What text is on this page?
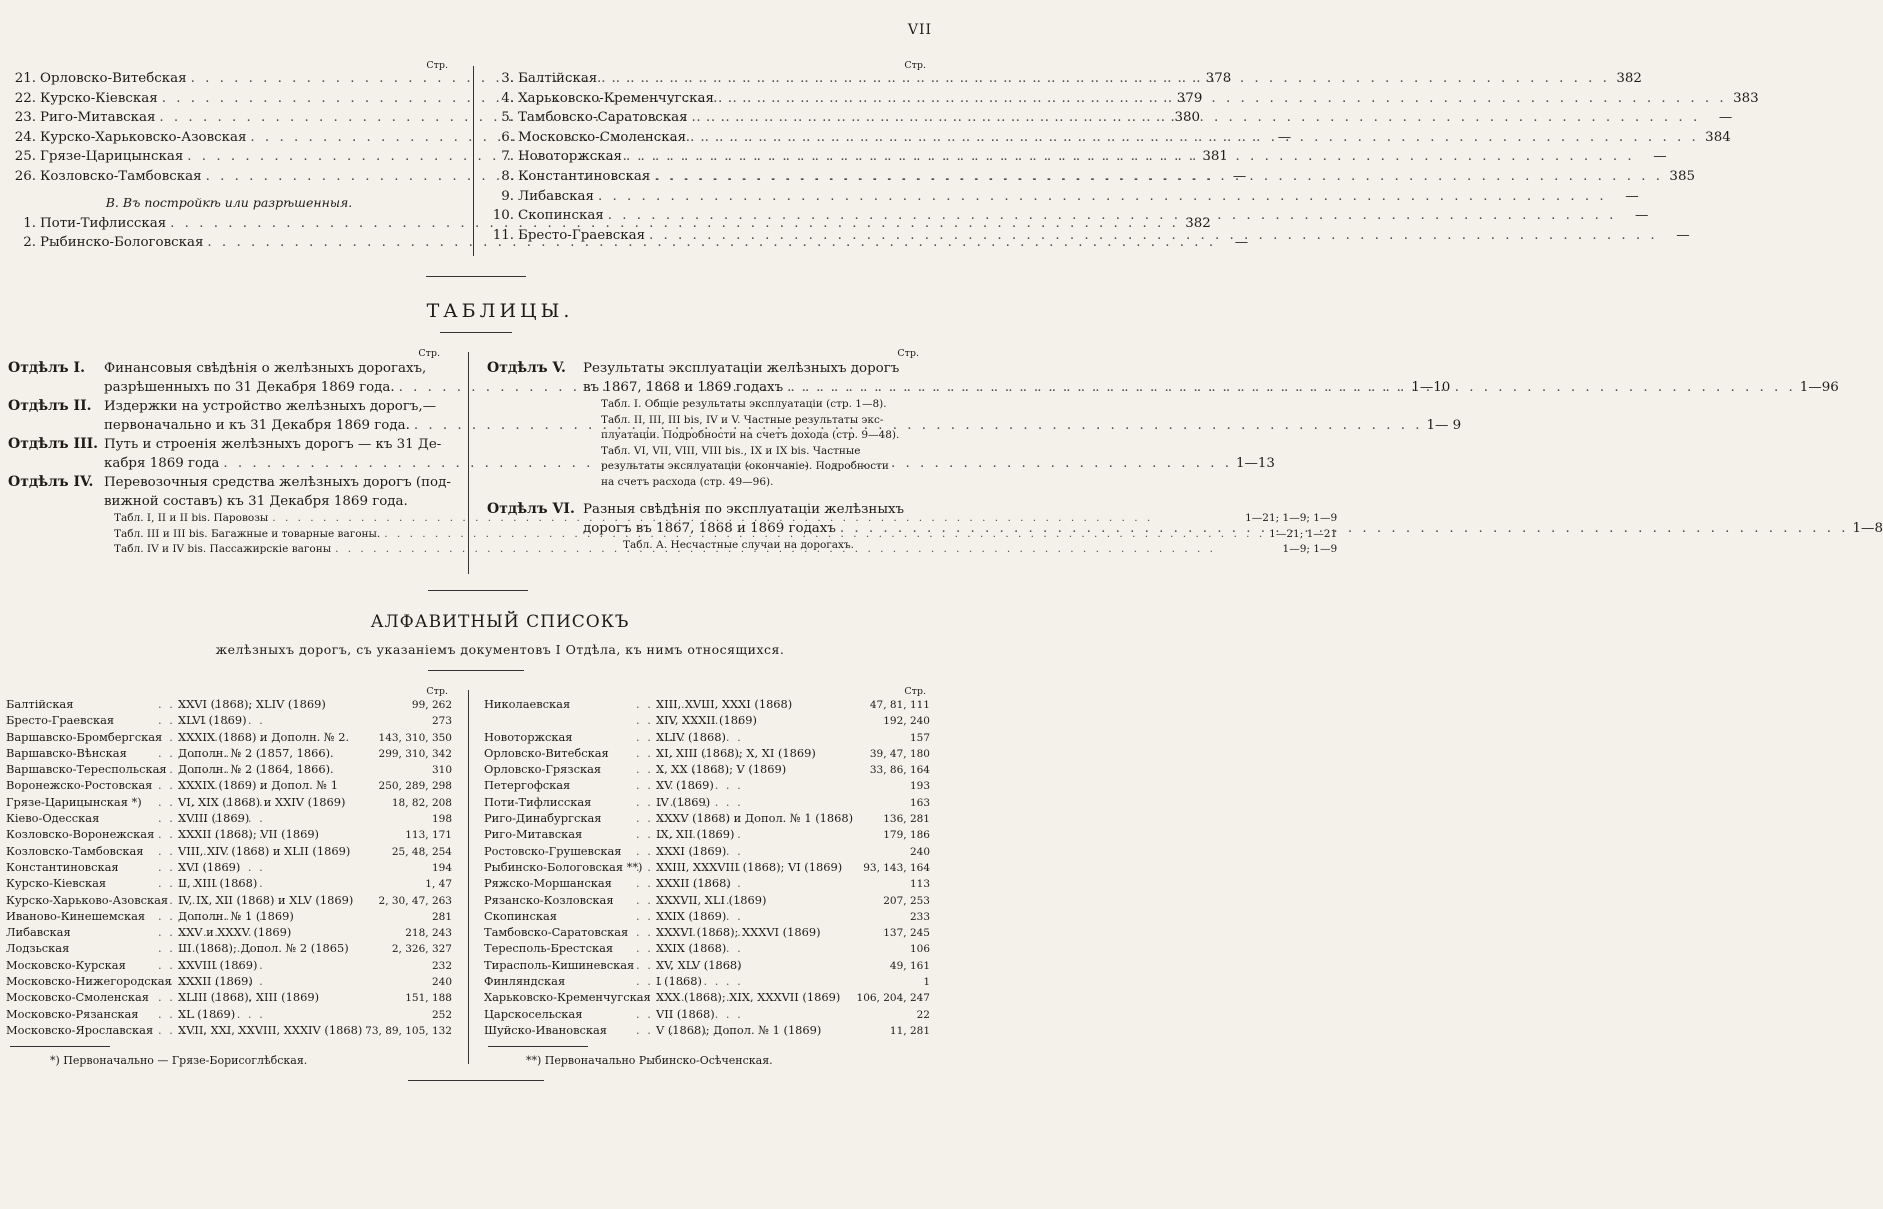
VII
Стр.
21. Орловско-Витебская . . .	378
22. Курско-Кіевская . . .	379
23. Риго-Митавская . . .	380
24. Курско-Харьковско-Азовская . . .	—
25. Грязе-Царицынская . . .	381
26. Козловско-Тамбовская . . .	—
В. Въ постройкѣ или разрѣшенныя.
1. Поти-Тифлисская . . .	382
2. Рыбинско-Бологовская . . .	—
Стр.
3. Балтійская . . .	382
4. Харьковско-Кременчугская . . .	383
5. Тамбовско-Саратовская . . .	—
6. Московско-Смоленская . . .	384
7. Новоторжская . . .	—
8. Константиновская . . .	385
9. Либавская . . .	—
10. Скопинская . . .	—
11. Бресто-Граевская . . .	—
ТАБЛИЦЫ.
Стр.
Отдѣлъ I.	Финансовыя свѣдѣнія о желѣзныхъ дорогахъ,
разрѣшенныхъ по 31 Декабря 1869 года. . . .	1—10
Отдѣлъ II. Издержки на устройство желѣзныхъ дорогъ,—
первоначально и къ 31 Декабря 1869 года. . . .	1— 9
Отдѣлъ III. Путь и строенія желѣзныхъ дорогъ — къ 31 Де-
кабря 1869 года . . .	1—13
Отдѣлъ IV. Перевозочныя средства желѣзныхъ дорогъ (под-
вижной составъ) къ 31 Декабря 1869 года.
Табл. I, II и II bis. Паровозы . . .	1—21; 1—9; 1—9
Табл. III и III bis. Багажные и товарные вагоны. . . .	1—21; 1—21
Табл. IV и IV bis. Пассажирскіе вагоны . . .	1—9; 1—9
Стр.
Отдѣлъ V.	Результаты эксплуатаціи желѣзныхъ дорогъ
въ 1867, 1868 и 1869 годахъ . . .	1—96
Табл. I. Общіе результаты эксплуатаціи (стр. 1—8).
Табл. II, III, III bis, IV и V. Частные результаты экс-
плуатаціи. Подробности на счетъ дохода (стр. 9—48).
Табл. VI, VII, VIII, VIII bis., IX и IX bis. Частные
результаты эксплуатаціи (окончаніе). Подробности
на счетъ расхода (стр. 49—96).
Отдѣлъ VI. Разныя свѣдѣнія по эксплуатаціи желѣзныхъ
дорогъ въ 1867, 1868 и 1869 годахъ . . .	1—8
Табл. А. Несчастные случаи на дорогахъ.
АЛФАВИТНЫЙ СПИСОКЪ
желѣзныхъ дорогъ, съ указаніемъ документовъ I Отдѣла, къ нимъ относящихся.
Стр.
Балтійская . . .	XXVI (1868); XLIV (1869)	99, 262
Бресто-Граевская . . .	XLVI (1869)	273
Варшавско-Бромбергская . . . XXXIX (1868) и Дополн. № 2.	143, 310, 350
Варшавско-Вѣнская . . .	Дополн. № 2 (1857, 1866).	299, 310, 342
Варшавско-Тереспольская . . . Дополн. № 2 (1864, 1866).	310
Воронежско-Ростовская . . .	XXXIX (1869) и Допол. № 1	250, 289, 298
Грязе-Царицынская *) . . .	VI, XIX (1868) и XXIV (1869)	18, 82, 208
Кіево-Одесская . . .	XVIII (1869)	198
Козловско-Воронежская . . .	XXXII (1868); VII (1869)	113, 171
Козловско-Тамбовская . . .	VIII, XIV (1868) и XLII (1869)	25, 48, 254
Константиновская . . .	XVI (1869)	194
Курско-Кіевская . . .	II, XIII (1868)	1, 47
Курско-Харьково-Азовская . . . IV, IX, XII (1868) и XLV (1869)	2, 30, 47, 263
Иваново-Кинешемская . . .	Дополн. № 1 (1869)	281
Либавская . . .	XXV и XXXV (1869)	218, 243
Лодзьская . . .	III (1868); Допол. № 2 (1865)	2, 326, 327
Московско-Курская . . .	XXVIII (1869)	232
Московско-Нижегородская . . . XXXII (1869)	240
Московско-Смоленская . . .	XLIII (1868), XIII (1869)	151, 188
Московско-Рязанская . . .	XL (1869)	252
Московско-Ярославская . . .	XVII, XXI, XXVIII, XXXIV (1868) 73, 89, 105, 132
Стр.
Николаевская . . .	XIII, XVIII, XXXI (1868)	47, 81, 111
. . .
XIV, XXXII (1869)	192, 240
Новоторжская . . .	XLIV (1868)	157
Орловско-Витебская . . .	XI, XIII (1868); X, XI (1869)	39, 47, 180
Орловско-Грязская . . .	X, XX (1868); V (1869)	33, 86, 164
Петергофская . . .	XV (1869)	193
Поти-Тифлисская . . .	IV (1869)	163
Риго-Динабургская . . .	XXXV (1868) и Допол. № 1 (1868)	136, 281
Риго-Митавская . . .	IX, XII (1869)	179, 186
Ростовско-Грушевская . . .	XXXI (1869)	240
Рыбинско-Бологовская **) . . . XXIII, XXXVIII (1868); VI (1869)	93, 143, 164
Ряжско-Моршанская . . .	XXXII (1868)	113
Рязанско-Козловская . . .	XXXVII, XLI (1869)	207, 253
Скопинская . . .	XXIX (1869)	233
Тамбовско-Саратовская . . .	XXXVI (1868); XXXVI (1869)	137, 245
Тересполь-Брестская . . .	XXIX (1868)	106
Тирасполь-Кишиневская . . . XV, XLV (1868)	49, 161
Финляндская . . .	I (1868)	1
Харьковско-Кременчугская . . . XXX (1868); XIX, XXXVII (1869)	106, 204, 247
Царскосельская . . .	VII (1868)	22
Шуйско-Ивановская . . .	V (1868); Допол. № 1 (1869)	11, 281
*) Первоначально — Грязе-Борисоглѣбская.	**) Первоначально Рыбинско-Осѣченская.
